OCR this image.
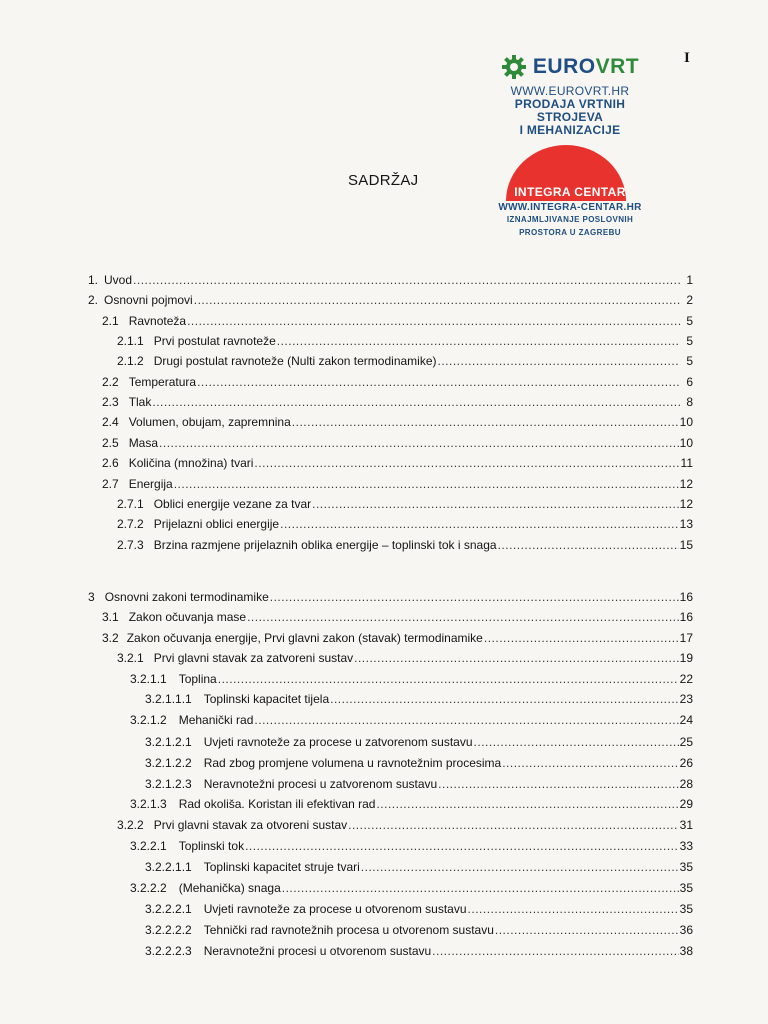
I
EUROVRT
WWW.EUROVRT.HR
PRODAJA VRTNIH
STROJEVA
I MEHANIZACIJE
INTEGRA CENTAR
WWW.INTEGRA-CENTAR.HR
IZNAJMLJIVANJE POSLOVNIH
PROSTORA U ZAGREBU
SADRŽAJ
1. Uvod .....	1
2. Osnovni pojmovi .....	2
2.1 Ravnoteža .....	5
2.1.1 Prvi postulat ravnoteže .....	5
2.1.2 Drugi postulat ravnoteže (Nulti zakon termodinamike) .....	5
2.2 Temperatura .....	6
2.3 Tlak .....	8
2.4 Volumen, obujam, zapremnina .....	10
2.5 Masa .....	10
2.6 Količina (množina) tvari .....	11
2.7 Energija .....	12
2.7.1 Oblici energije vezane za tvar .....	12
2.7.2 Prijelazni oblici energije .....	13
2.7.3 Brzina razmjene prijelaznih oblika energije – toplinski tok i snaga .....	15
3 Osnovni zakoni termodinamike .....	16
3.1 Zakon očuvanja mase .....	16
3.2 Zakon očuvanja energije, Prvi glavni zakon (stavak) termodinamike .....	17
3.2.1 Prvi glavni stavak za zatvoreni sustav .....	19
3.2.1.1 Toplina .....	22
3.2.1.1.1 Toplinski kapacitet tijela .....	23
3.2.1.2 Mehanički rad .....	24
3.2.1.2.1 Uvjeti ravnoteže za procese u zatvorenom sustavu .....	25
3.2.1.2.2 Rad zbog promjene volumena u ravnotežnim procesima .....	26
3.2.1.2.3 Neravnotežni procesi u zatvorenom sustavu .....	28
3.2.1.3 Rad okoliša. Koristan ili efektivan rad .....	29
3.2.2 Prvi glavni stavak za otvoreni sustav .....	31
3.2.2.1 Toplinski tok .....	33
3.2.2.1.1 Toplinski kapacitet struje tvari .....	35
3.2.2.2 (Mehanička) snaga .....	35
3.2.2.2.1 Uvjeti ravnoteže za procese u otvorenom sustavu .....	35
3.2.2.2.2 Tehnički rad ravnotežnih procesa u otvorenom sustavu .....	36
3.2.2.2.3 Neravnotežni procesi u otvorenom sustavu .....	38
